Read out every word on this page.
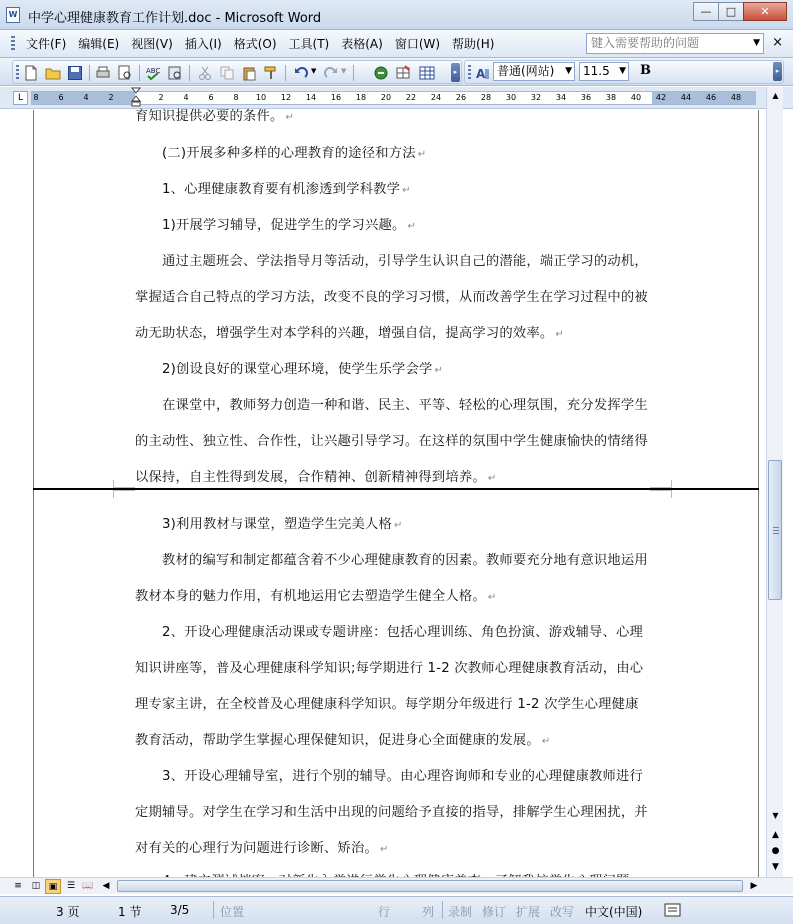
W 中学心理健康教育工作计划.doc - Microsoft Word	—	□	✕
文件(F)	编辑(E)	视图(V)	插入(I)	格式(O)	工具(T)	表格(A)	窗口(W)	帮助(H)	键入需要帮助的问题	▼ ×
ABC	▼	▼	▸ A 普通(网站) ▼ 11.5 ▼ B	▸
L	8 6 4 2	2 4 6 8 10 12 14 16 18 20 22 24 26 28 30 32 34 36 38 40 42 44 46 48	▲
▼
▲
●
▼
育知识提供必要的条件。 ↵
(二)开展多种多样的心理教育的途径和方法 ↵
1、心理健康教育要有机渗透到学科教学 ↵
1)开展学习辅导，促进学生的学习兴趣。 ↵
通过主题班会、学法指导月等活动，引导学生认识自己的潜能，端正学习的动机，
掌握适合自己特点的学习方法，改变不良的学习习惯，从而改善学生在学习过程中的被
动无助状态，增强学生对本学科的兴趣，增强自信，提高学习的效率。 ↵
2)创设良好的课堂心理环境，使学生乐学会学 ↵
在课堂中，教师努力创造一种和谐、民主、平等、轻松的心理氛围，充分发挥学生
的主动性、独立性、合作性，让兴趣引导学习。在这样的氛围中学生健康愉快的情绪得
以保持，自主性得到发展，合作精神、创新精神得到培养。 ↵
3)利用教材与课堂，塑造学生完美人格 ↵
教材的编写和制定都蕴含着不少心理健康教育的因素。教师要充分地有意识地运用
教材本身的魅力作用，有机地运用它去塑造学生健全人格。 ↵
2、开设心理健康活动课或专题讲座：包括心理训练、角色扮演、游戏辅导、心理
知识讲座等，普及心理健康科学知识;每学期进行 1-2 次教师心理健康教育活动，由心
理专家主讲，在全校普及心理健康科学知识。每学期分年级进行 1-2 次学生心理健康
教育活动，帮助学生掌握心理保健知识，促进身心全面健康的发展。 ↵
3、开设心理辅导室，进行个别的辅导。由心理咨询师和专业的心理健康教师进行
定期辅导。对学生在学习和生活中出现的问题给予直接的指导，排解学生心理困扰，并
对有关的心理行为问题进行诊断、矫治。 ↵
≡	◫ ▣	☰ 📖 ◀	▶
3 页	1 节 3/5	位置	行	列 录制 修订 扩展 改写 中文(中国)
